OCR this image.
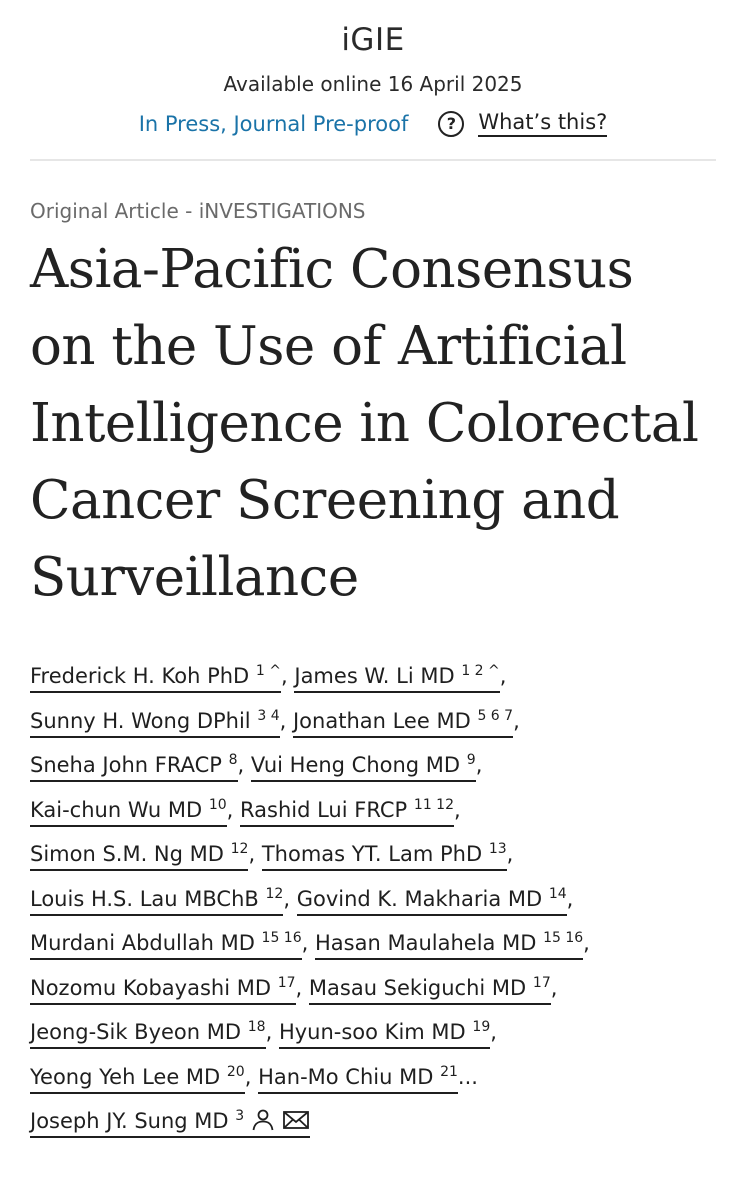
iGIE
Available online 16 April 2025
In Press, Journal Pre-proof	?	What’s this?
Original Article - iNVESTIGATIONS
Asia-Pacific Consensus
on the Use of Artificial
Intelligence in Colorectal
Cancer Screening and
Surveillance
Frederick H. Koh PhD $^{1 \^{}}$, James W. Li MD $^{1 2 \^{}}$,
Sunny H. Wong DPhil $^{3 4}$, Jonathan Lee MD $^{5 6 7}$,
Sneha John FRACP $^8$, Vui Heng Chong MD $^9$,
Kai-chun Wu MD $^{10}$, Rashid Lui FRCP $^{11 12}$,
Simon S.M. Ng MD $^{12}$, Thomas YT. Lam PhD $^{13}$,
Louis H.S. Lau MBChB $^{12}$, Govind K. Makharia MD $^{14}$,
Murdani Abdullah MD $^{15 16}$, Hasan Maulahela MD $^{15 16}$,
Nozomu Kobayashi MD $^{17}$, Masau Sekiguchi MD $^{17}$,
Jeong-Sik Byeon MD $^{18}$, Hyun-soo Kim MD $^{19}$,
Yeong Yeh Lee MD $^{20}$, Han-Mo Chiu MD $^{21}$...
Joseph JY. Sung MD $^3$
